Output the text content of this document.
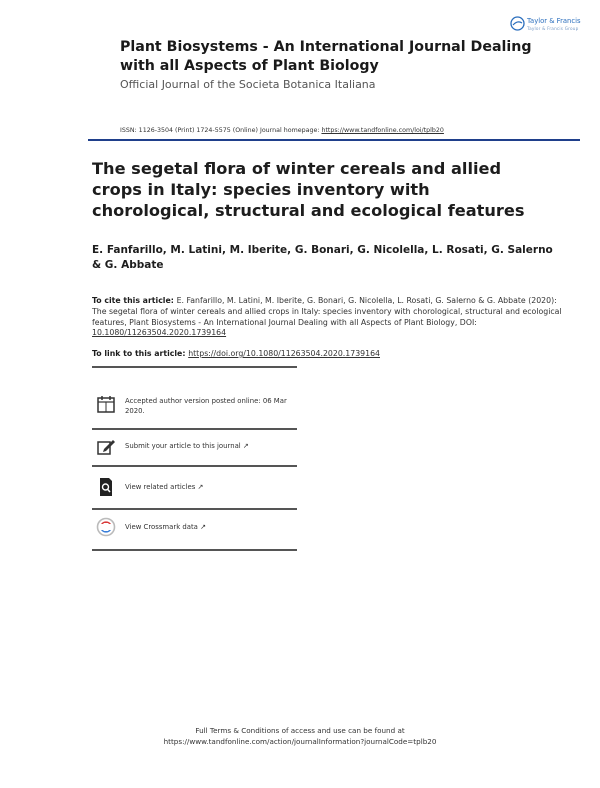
Taylor & Francis
Taylor & Francis Group
Plant Biosystems - An International Journal Dealing with all Aspects of Plant Biology
Official Journal of the Societa Botanica Italiana
ISSN: 1126-3504 (Print) 1724-5575 (Online) Journal homepage: https://www.tandfonline.com/loi/tplb20
The segetal flora of winter cereals and allied crops in Italy: species inventory with chorological, structural and ecological features
E. Fanfarillo, M. Latini, M. Iberite, G. Bonari, G. Nicolella, L. Rosati, G. Salerno & G. Abbate
To cite this article: E. Fanfarillo, M. Latini, M. Iberite, G. Bonari, G. Nicolella, L. Rosati, G. Salerno & G. Abbate (2020): The segetal flora of winter cereals and allied crops in Italy: species inventory with chorological, structural and ecological features, Plant Biosystems - An International Journal Dealing with all Aspects of Plant Biology, DOI: 10.1080/11263504.2020.1739164
To link to this article: https://doi.org/10.1080/11263504.2020.1739164
Accepted author version posted online: 06 Mar 2020.
Submit your article to this journal ↗
View related articles ↗
View Crossmark data ↗
Full Terms & Conditions of access and use can be found at
https://www.tandfonline.com/action/journalInformation?journalCode=tplb20
